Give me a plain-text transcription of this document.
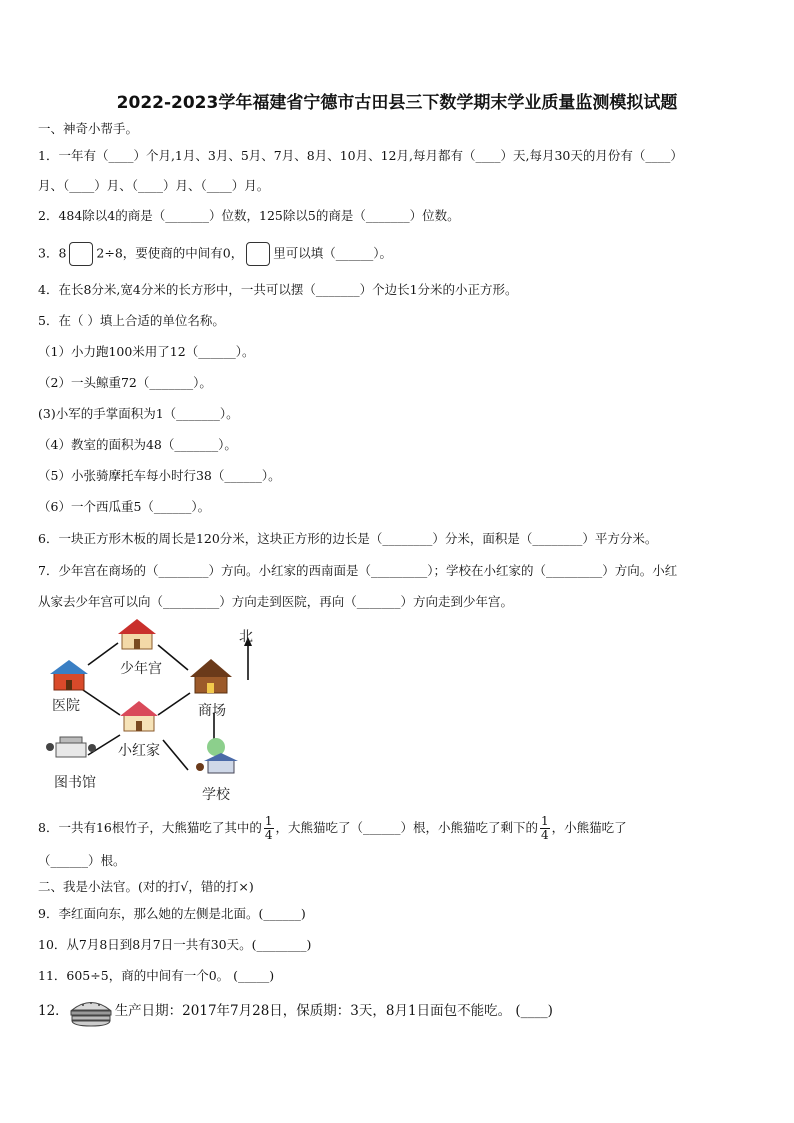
2022-2023学年福建省宁德市古田县三下数学期末学业质量监测模拟试题
一、神奇小帮手。
1．一年有（____）个月,1月、3月、5月、7月、8月、10月、12月,每月都有（____）天,每月30天的月份有（____）
月、（____）月、（____）月、（____）月。
2．484除以4的商是（_______）位数，125除以5的商是（_______）位数。
3．8 2÷8，要使商的中间有0， 里可以填（______）。
4．在长8分米,宽4分米的长方形中，一共可以摆（_______）个边长1分米的小正方形。
5．在（ ）填上合适的单位名称。
（1）小力跑100米用了12（______）。
（2）一头鲸重72（_______）。
(3)小军的手掌面积为1（_______）。
（4）教室的面积为48（_______）。
（5）小张骑摩托车每小时行38（______）。
（6）一个西瓜重5（______）。
6．一块正方形木板的周长是120分米，这块正方形的边长是（________）分米，面积是（________）平方分米。
7．少年宫在商场的（________）方向。小红家的西南面是（_________）；学校在小红家的（_________）方向。小红
从家去少年宫可以向（_________）方向走到医院，再向（_______）方向走到少年宫。
北
少年宫
医院	商场
小红家
图书馆
学校
8．一共有16根竹子，大熊猫吃了其中的 $\frac{1}{4}$ ，大熊猫吃了（______）根，小熊猫吃了剩下的 $\frac{1}{4}$ ，小熊猫吃了
（______）根。
二、我是小法官。(对的打√，错的打×)
9．李红面向东，那么她的左侧是北面。(______)
10．从7月8日到8月7日一共有30天。(________)
11．605÷5，商的中间有一个0。 (_____)
12．	生产日期：2017年7月28日，保质期：3天，8月1日面包不能吃。 (____)
